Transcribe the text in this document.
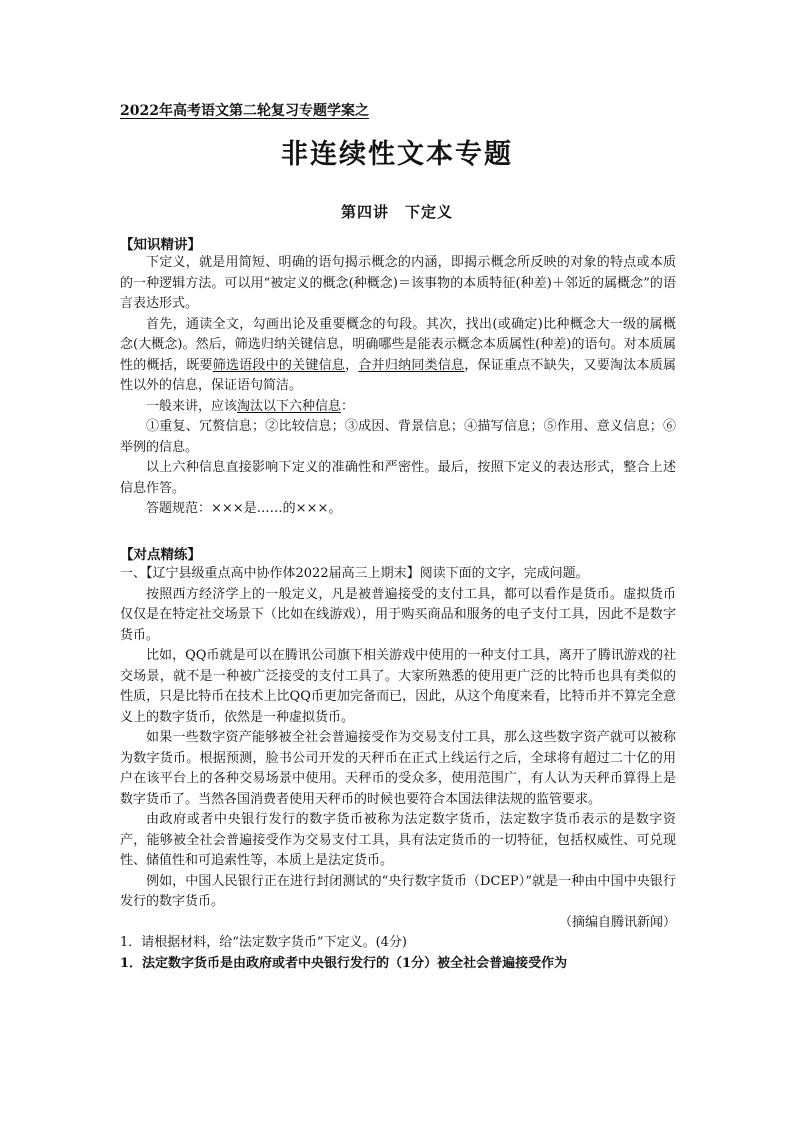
2022年高考语文第二轮复习专题学案之

非连续性文本专题
第四讲　下定义

【知识精讲】

下定义，就是用简短、明确的语句揭示概念的内涵，即揭示概念所反映的对象的特点或本质的一种逻辑方法。可以用“被定义的概念(种概念)＝该事物的本质特征(种差)＋邻近的属概念”的语言表达形式。

首先，通读全文，勾画出论及重要概念的句段。其次，找出(或确定)比种概念大一级的属概念(大概念)。然后，筛选归纳关键信息，明确哪些是能表示概念本质属性(种差)的语句。对本质属性的概括，既要筛选语段中的关键信息，合并归纳同类信息，保证重点不缺失，又要淘汰本质属性以外的信息，保证语句简洁。

一般来讲，应该淘汰以下六种信息：

①重复、冗赘信息；②比较信息；③成因、背景信息；④描写信息；⑤作用、意义信息；⑥举例的信息。

以上六种信息直接影响下定义的准确性和严密性。最后，按照下定义的表达形式，整合上述信息作答。

答题规范：×××是……的×××。

【对点精练】

一、【辽宁县级重点高中协作体2022届高三上期末】阅读下面的文字，完成问题。

按照西方经济学上的一般定义，凡是被普遍接受的支付工具，都可以看作是货币。虚拟货币仅仅是在特定社交场景下（比如在线游戏），用于购买商品和服务的电子支付工具，因此不是数字货币。

比如，QQ币就是可以在腾讯公司旗下相关游戏中使用的一种支付工具，离开了腾讯游戏的社交场景，就不是一种被广泛接受的支付工具了。大家所熟悉的使用更广泛的比特币也具有类似的性质，只是比特币在技术上比QQ币更加完备而已，因此，从这个角度来看，比特币并不算完全意义上的数字货币，依然是一种虚拟货币。

如果一些数字资产能够被全社会普遍接受作为交易支付工具，那么这些数字资产就可以被称为数字货币。根据预测，脸书公司开发的天秤币在正式上线运行之后，全球将有超过二十亿的用户在该平台上的各种交易场景中使用。天秤币的受众多，使用范围广，有人认为天秤币算得上是数字货币了。当然各国消费者使用天秤币的时候也要符合本国法律法规的监管要求。

由政府或者中央银行发行的数字货币被称为法定数字货币，法定数字货币表示的是数字资产，能够被全社会普遍接受作为交易支付工具，具有法定货币的一切特征，包括权威性、可兑现性、储值性和可追索性等，本质上是法定货币。

例如，中国人民银行正在进行封闭测试的“央行数字货币（DCEP）”就是一种由中国中央银行发行的数字货币。

（摘编自腾讯新闻）

1．请根据材料，给“法定数字货币”下定义。(4分)

1．法定数字货币是由政府或者中央银行发行的（1分）被全社会普遍接受作为
